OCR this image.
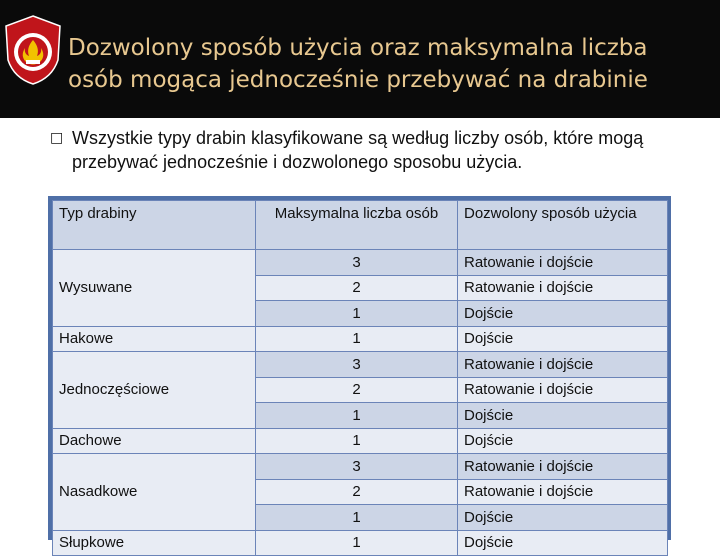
Dozwolony sposób użycia oraz maksymalna liczba
osób mogąca jednocześnie przebywać na drabinie
□ Wszystkie typy drabin klasyfikowane są według liczby osób, które mogą przebywać jednocześnie i dozwolonego sposobu użycia.
Typ drabiny	Maksymalna liczba osób	Dozwolony sposób użycia
Wysuwane	3	Ratowanie i dojście
	2	Ratowanie i dojście
	1	Dojście
Hakowe	1	Dojście
Jednoczęściowe	3	Ratowanie i dojście
	2	Ratowanie i dojście
	1	Dojście
Dachowe	1	Dojście
Nasadkowe	3	Ratowanie i dojście
	2	Ratowanie i dojście
	1	Dojście
Słupkowe	1	Dojście
28
